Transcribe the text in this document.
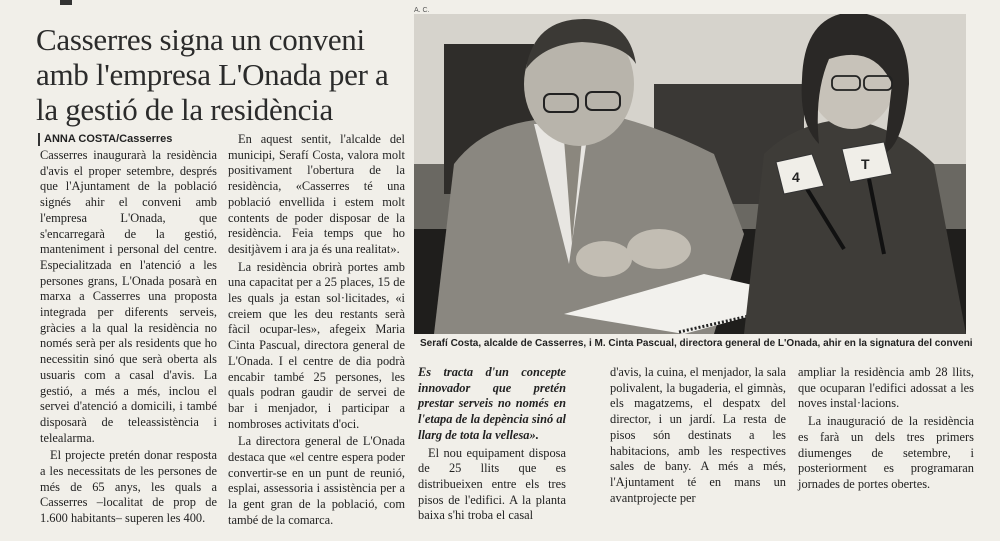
Casserres signa un conveni amb l'empresa L'Onada per a la gestió de la residència
ANNA COSTA/Casserres

Casserres inaugurarà la residència d'avis el proper setembre, després que l'Ajuntament de la població signés ahir el conveni amb l'empresa L'Onada, que s'encarregarà de la gestió, manteniment i personal del centre. Especialitzada en l'atenció a les persones grans, L'Onada posarà en marxa a Casserres una proposta integrada per diferents serveis, gràcies a la qual la residència no només serà per als residents que ho necessitin sinó que serà oberta als usuaris com a casal d'avis. La gestió, a més a més, inclou el servei d'atenció a domicili, i també disposarà de teleassistència i telealarma.

El projecte pretén donar resposta a les necessitats de les persones de més de 65 anys, les quals a Casserres –localitat de prop de 1.600 habitants– superen les 400.

En aquest sentit, l'alcalde del municipi, Serafí Costa, valora molt positivament l'obertura de la residència, «Casserres té una població envellida i estem molt contents de poder disposar de la residència. Feia temps que ho desitjàvem i ara ja és una realitat».

La residència obrirà portes amb una capacitat per a 25 places, 15 de les quals ja estan sol·licitades, «i creiem que les deu restants serà fàcil ocupar-les», afegeix Maria Cinta Pascual, directora general de L'Onada. I el centre de dia podrà encabir també 25 persones, les quals podran gaudir de servei de bar i menjador, i participar a nombroses activitats d'oci.

La directora general de L'Onada destaca que «el centre espera poder convertir-se en un punt de reunió, esplai, assessoria i assistència per a la gent gran de la població, com també de la comarca.

A. C.
4
T
Serafí Costa, alcalde de Casserres, i M. Cinta Pascual, directora general de L'Onada, ahir en la signatura del conveni

Es tracta d'un concepte innovador que pretén prestar serveis no només en l'etapa de la depència sinó al llarg de tota la vellesa».

El nou equipament disposa de 25 llits que es distribueixen entre els tres pisos de l'edifici. A la planta baixa s'hi troba el casal

d'avis, la cuina, el menjador, la sala polivalent, la bugaderia, el gimnàs, els magatzems, el despatx del director, i un jardí. La resta de pisos són destinats a les habitacions, amb les respectives sales de bany. A més a més, l'Ajuntament té en mans un avantprojecte per

ampliar la residència amb 28 llits, que ocuparan l'edifici adossat a les noves instal·lacions.

La inauguració de la residència es farà un dels tres primers diumenges de setembre, i posteriorment es programaran jornades de portes obertes.
